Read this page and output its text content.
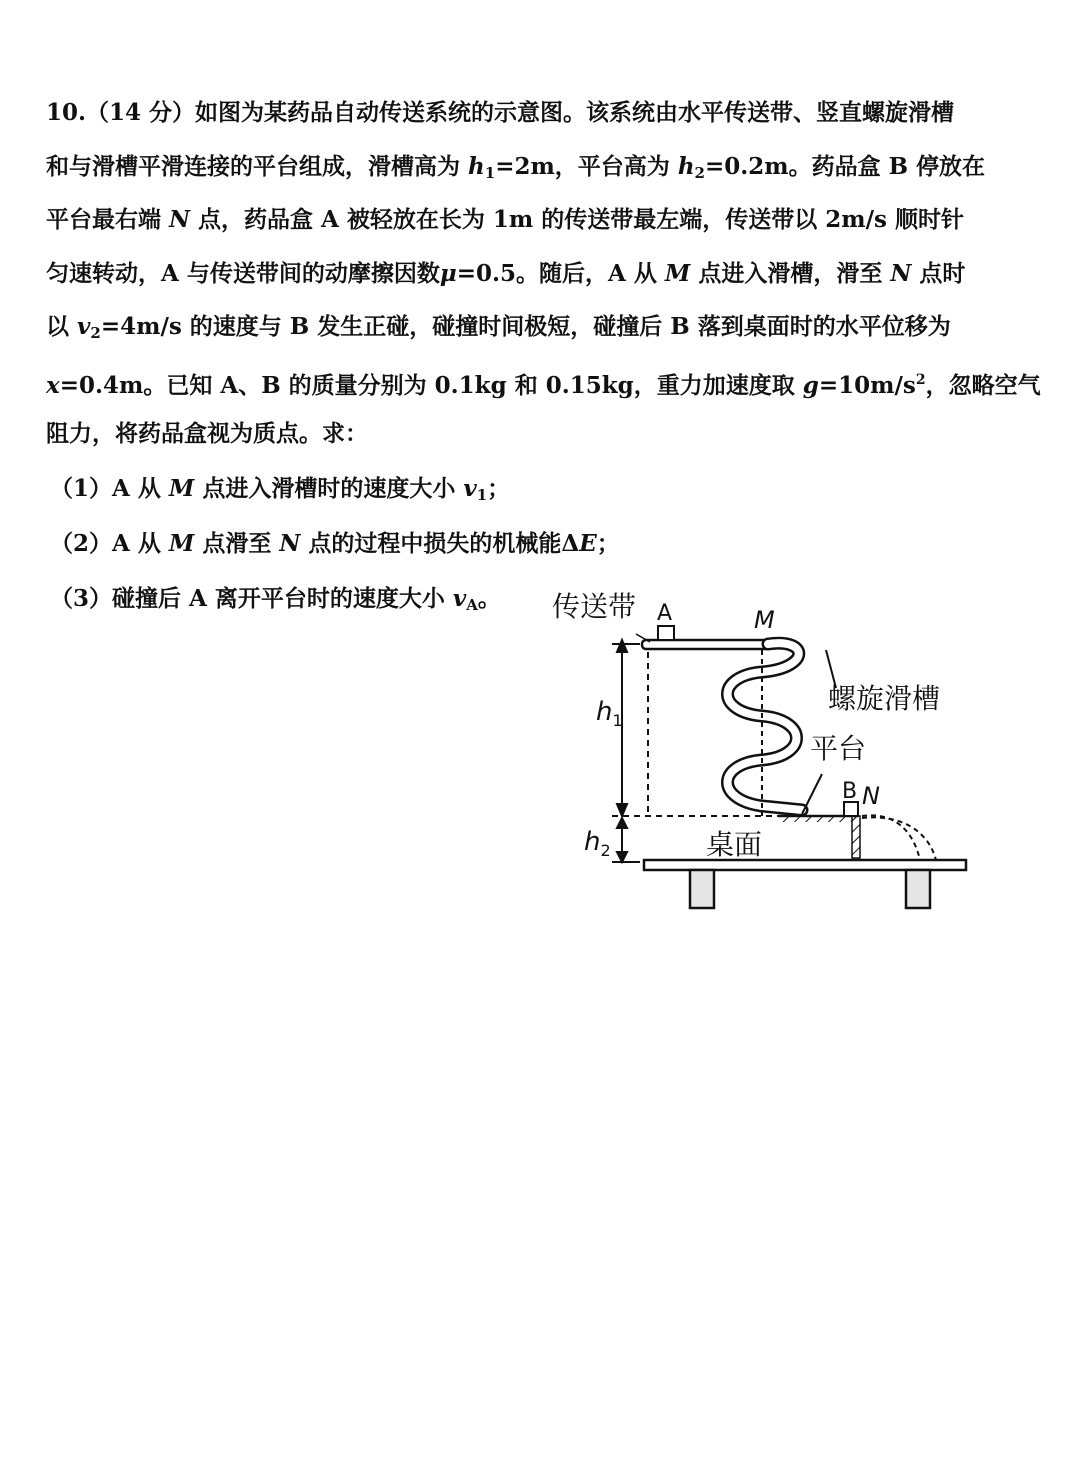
10.（14 分）如图为某药品自动传送系统的示意图。该系统由水平传送带、竖直螺旋滑槽
和与滑槽平滑连接的平台组成，滑槽高为 $h_1=2m$，平台高为 $h_2=0.2m$。药品盒 B 停放在
平台最右端 N 点，药品盒 A 被轻放在长为 1m 的传送带最左端，传送带以 2m/s 顺时针
匀速转动，A 与传送带间的动摩擦因数μ=0.5。随后，A 从 M 点进入滑槽，滑至 N 点时
以 $v_2=4m/s$ 的速度与 B 发生正碰，碰撞时间极短，碰撞后 B 落到桌面时的水平位移为
x=0.4m。已知 A、B 的质量分别为 0.1kg 和 0.15kg，重力加速度取 $g=10m/s^2$，忽略空气
阻力，将药品盒视为质点。求：
（1）A 从 M 点进入滑槽时的速度大小 $v_1$；
（2）A 从 M 点滑至 N 点的过程中损失的机械能ΔE；
（3）碰撞后 A 离开平台时的速度大小 $v_A$。 传送带 A	M
螺旋滑槽
$h_1$
平台
B N
$h_2$	桌面
